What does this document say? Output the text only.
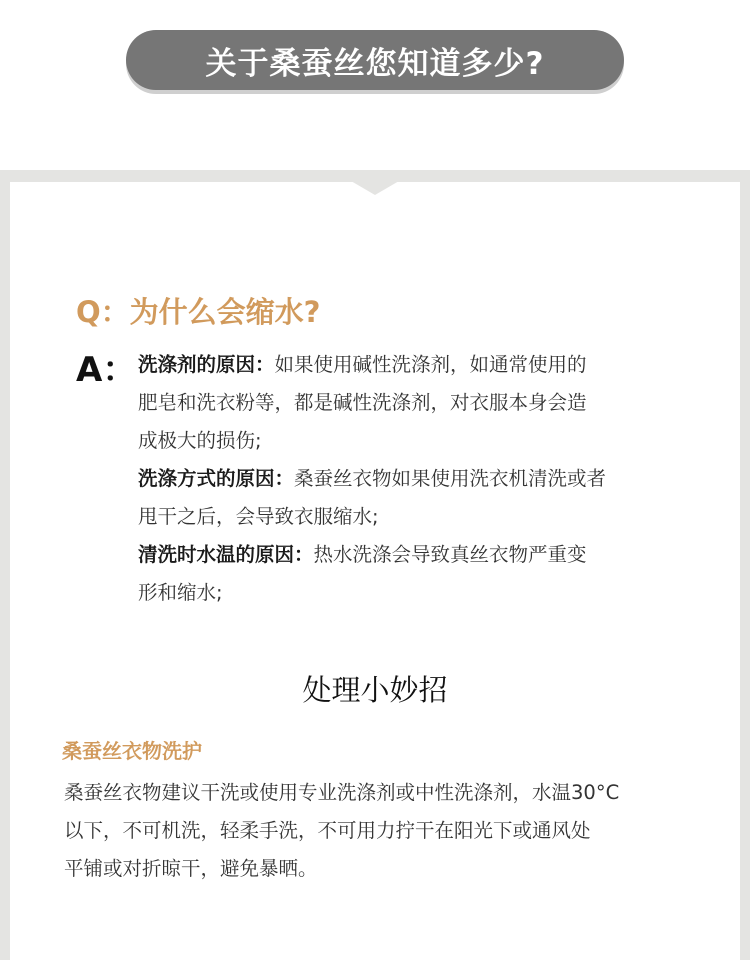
关于桑蚕丝您知道多少?
Q：为什么会缩水?
A： 洗涤剂的原因：如果使用碱性洗涤剂，如通常使用的

肥皂和洗衣粉等，都是碱性洗涤剂，对衣服本身会造

成极大的损伤;

洗涤方式的原因：桑蚕丝衣物如果使用洗衣机清洗或者

甩干之后，会导致衣服缩水;

清洗时水温的原因：热水洗涤会导致真丝衣物严重变

形和缩水;

处理小妙招
桑蚕丝衣物洗护

桑蚕丝衣物建议干洗或使用专业洗涤剂或中性洗涤剂，水温30°C

以下，不可机洗，轻柔手洗，不可用力拧干在阳光下或通风处

平铺或对折晾干，避免暴晒。
